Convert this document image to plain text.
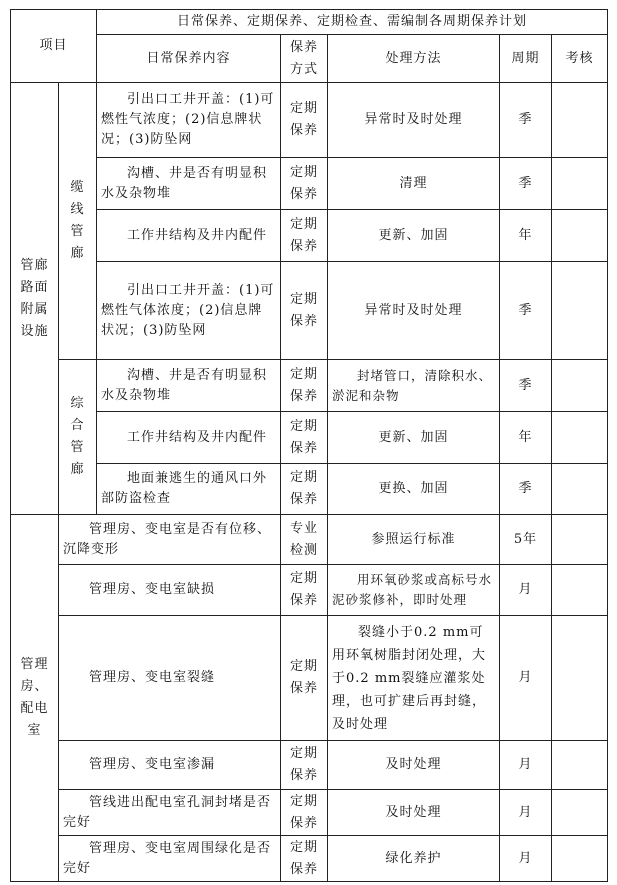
项目		日常保养、定期保养、定期检查、需编制各周期保养计划				
		日常保养内容	保养方式	处理方法	周期	考核
管廊路面附属设施	缆线管廊	引出口工井开盖：(1)可燃性气浓度；(2)信息牌状况；(3)防坠网	定期保养	异常时及时处理	季	
		沟槽、井是否有明显积水及杂物堆	定期保养	清理	季	
		工作井结构及井内配件	定期保养	更新、加固	年	
		引出口工井开盖：(1)可燃性气体浓度；(2)信息牌状况；(3)防坠网	定期保养	异常时及时处理	季	
	综合管廊	沟槽、井是否有明显积水及杂物堆	定期保养	封堵管口，清除积水、淤泥和杂物	季	
		工作井结构及井内配件	定期保养	更新、加固	年	
		地面兼逃生的通风口外部防盗检查	定期保养	更换、加固	季	
管理房、配电室	管理房、变电室是否有位移、沉降变形		专业检测	参照运行标准	5年	
	管理房、变电室缺损		定期保养	用环氧砂浆或高标号水泥砂浆修补，即时处理	月	
	管理房、变电室裂缝		定期保养	裂缝小于0.2 mm可用环氧树脂封闭处理，大于0.2 mm裂缝应灌浆处理，也可扩建后再封缝，及时处理	月	
	管理房、变电室渗漏		定期保养	及时处理	月	
	管线进出配电室孔洞封堵是否完好		定期保养	及时处理	月	
	管理房、变电室周围绿化是否完好		定期保养	绿化养护	月	
